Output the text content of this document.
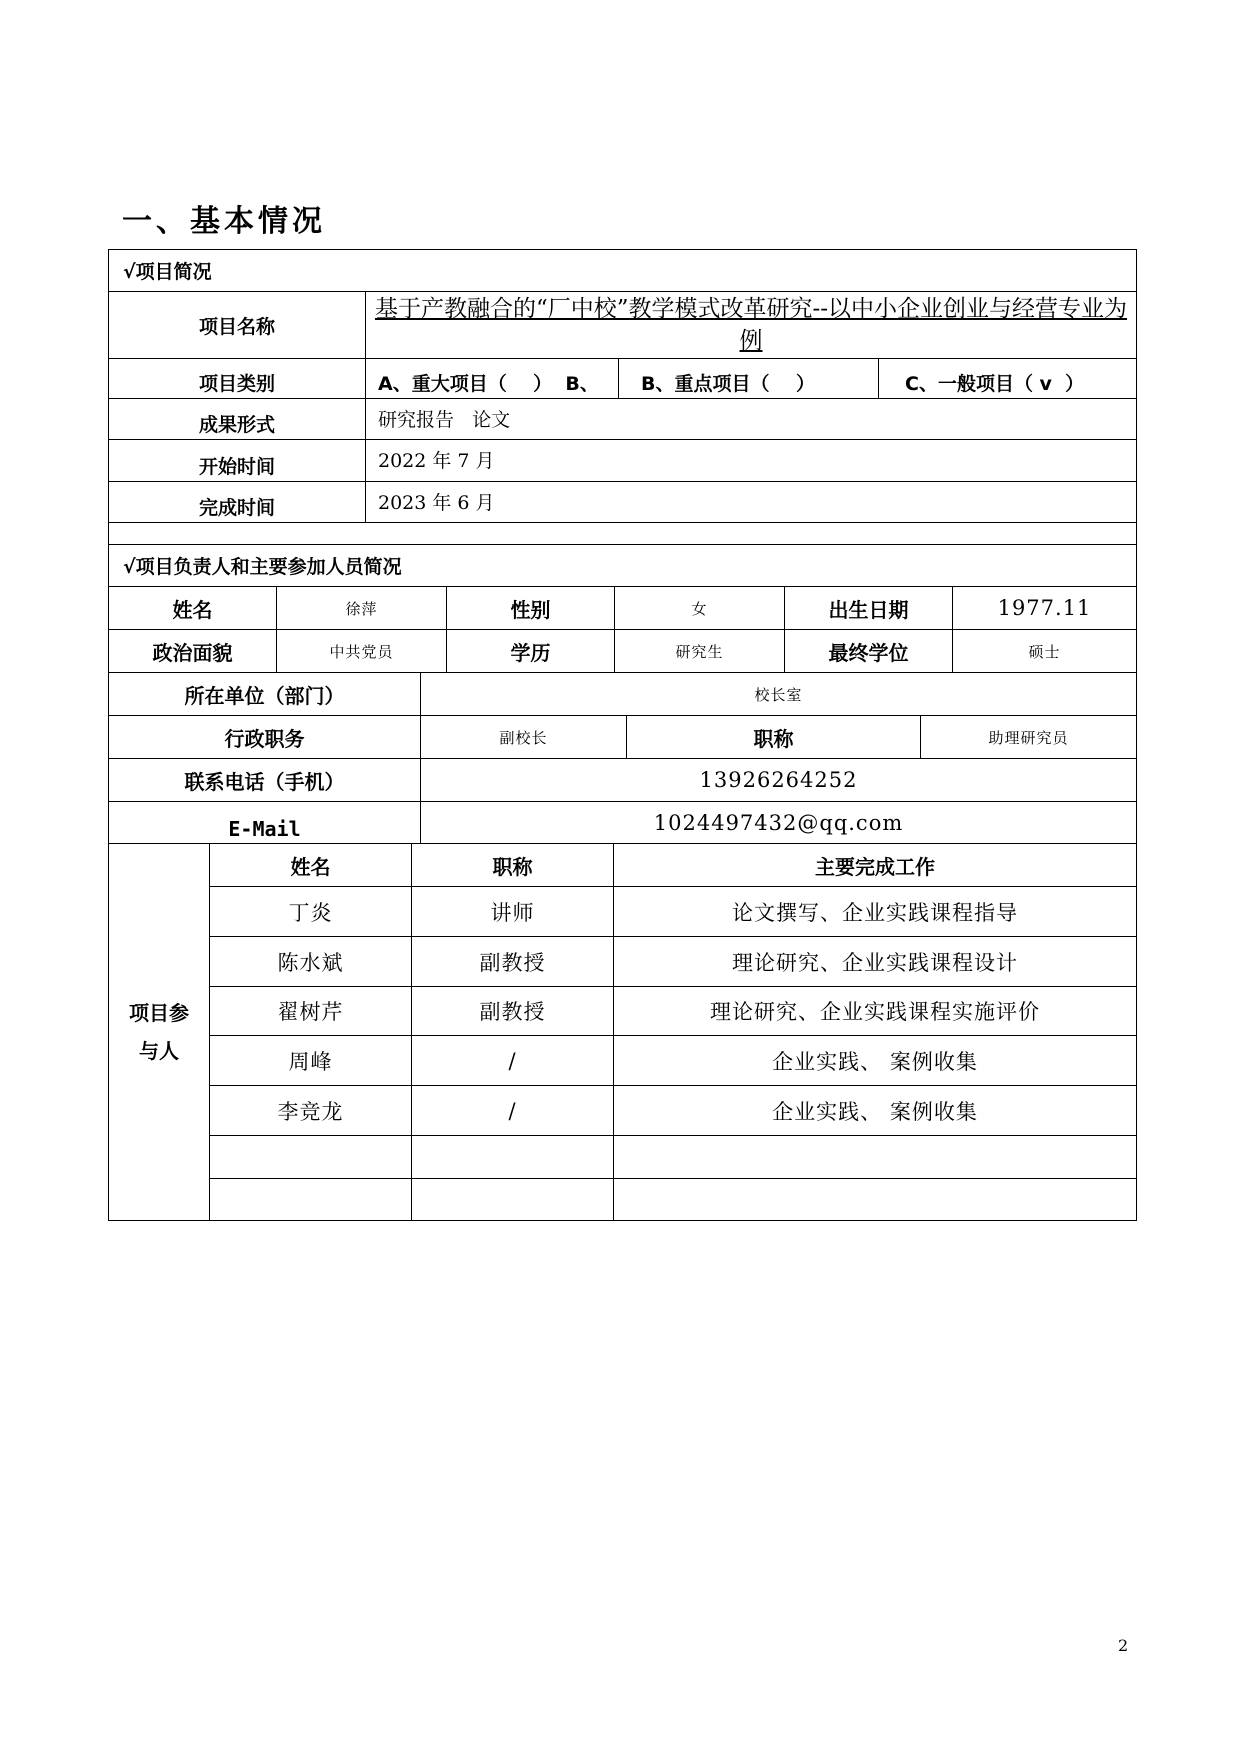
一、基本情况
√项目简况			
项目名称	基于产教融合的“厂中校”教学模式改革研究--以中小企业创业与经营专业为例		
项目类别	A、重大项目（    ）  B、	B、重点项目（    ）	C、一般项目（ v  ）
成果形式	研究报告   论文		
开始时间	2022 年 7 月		
完成时间	2023 年 6 月		

√项目负责人和主要参加人员简况			
姓名	徐萍	性别	女	出生日期	1977.11
政治面貌	中共党员	学历	研究生	最终学位	硕士
所在单位（部门）	校长室		
行政职务	副校长	职称	助理研究员
联系电话（手机）	13926264252		
E-Mail	1024497432@qq.com		
项目参与人	姓名	职称	主要完成工作
	丁炎	讲师	论文撰写、企业实践课程指导
	陈水斌	副教授	理论研究、企业实践课程设计
	翟树芹	副教授	理论研究、企业实践课程实施评价
	周峰	/	企业实践、 案例收集
	李竞龙	/	企业实践、 案例收集

2
